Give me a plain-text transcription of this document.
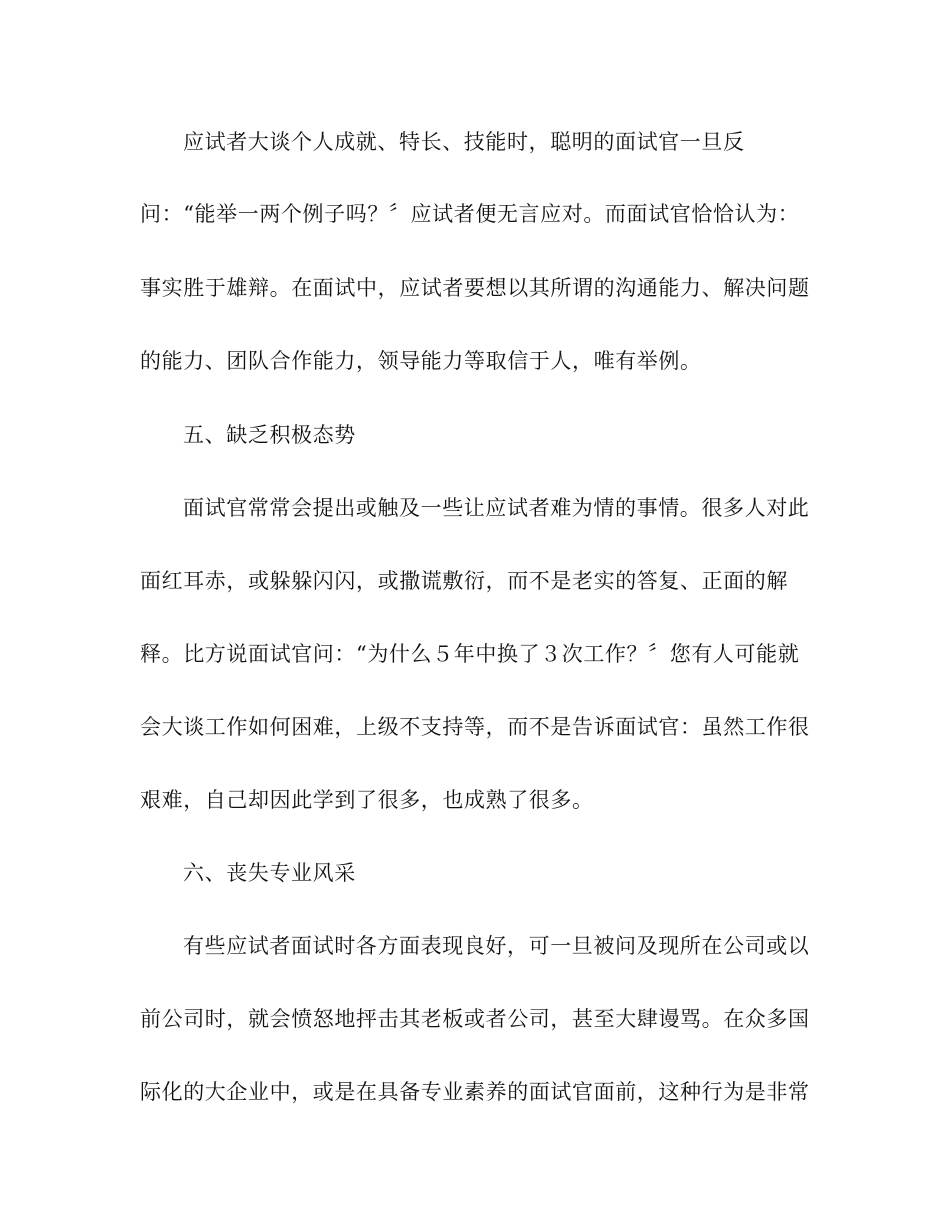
应试者大谈个人成就、特长、技能时，聪明的面试官一旦反
问：“能举一两个例子吗？〞应试者便无言应对。而面试官恰恰认为：
事实胜于雄辩。在面试中，应试者要想以其所谓的沟通能力、解决问题
的能力、团队合作能力，领导能力等取信于人，唯有举例。
五、缺乏积极态势
面试官常常会提出或触及一些让应试者难为情的事情。很多人对此
面红耳赤，或躲躲闪闪，或撒谎敷衍，而不是老实的答复、正面的解
释。比方说面试官问：“为什么５年中换了３次工作？〞您有人可能就
会大谈工作如何困难，上级不支持等，而不是告诉面试官：虽然工作很
艰难，自己却因此学到了很多，也成熟了很多。
六、丧失专业风采
有些应试者面试时各方面表现良好，可一旦被问及现所在公司或以
前公司时，就会愤怒地抨击其老板或者公司，甚至大肆谩骂。在众多国
际化的大企业中，或是在具备专业素养的面试官面前，这种行为是非常
